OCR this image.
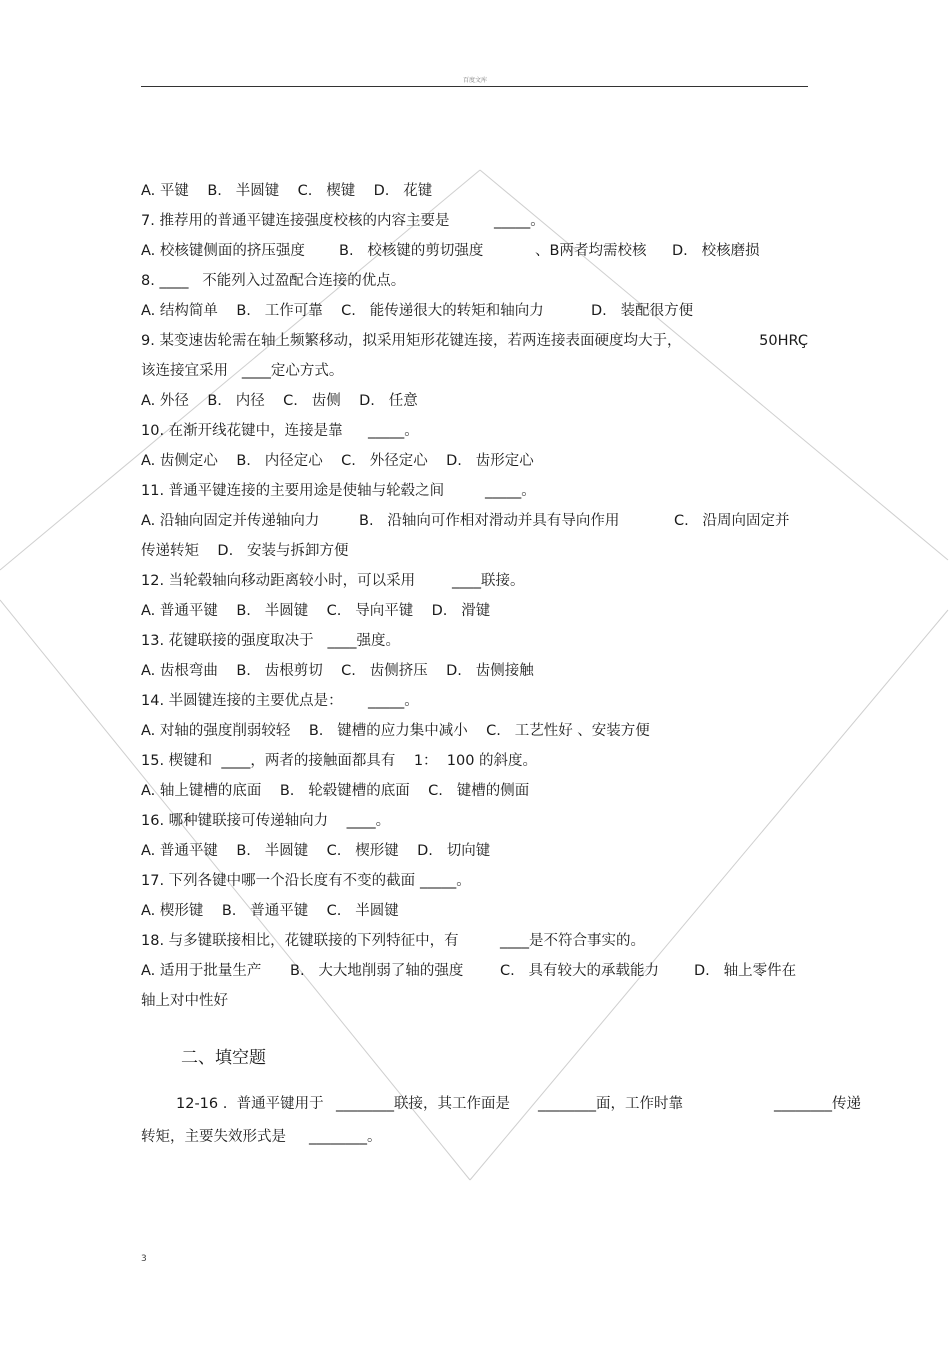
百度文库
A. 平键    B.   半圆键    C.   楔键    D.   花键
7. 推荐用的普通平键连接强度校核的内容主要是	_____。
A. 校核键侧面的挤压强度 B.   校核键的剪切强度	、B两者均需校核 D.   校核磨损
8. ____   不能列入过盈配合连接的优点。
A. 结构简单    B.   工作可靠    C.   能传递很大的转矩和轴向力	D.   装配很方便
9. 某变速齿轮需在轴上频繁移动，拟采用矩形花键连接，若两连接表面硬度均大于，	50HRÇ
该连接宜采用   ____定心方式。
A. 外径    B.   内径    C.   齿侧    D.   任意
10. 在渐开线花键中，连接是靠 _____。
A. 齿侧定心    B.   内径定心    C.   外径定心    D.   齿形定心
11. 普通平键连接的主要用途是使轴与轮毂之间	_____。
A. 沿轴向固定并传递轴向力	B.   沿轴向可作相对滑动并具有导向作用	C.   沿周向固定并
传递转矩    D.   安装与拆卸方便
12. 当轮毂轴向移动距离较小时，可以采用	____联接。
A. 普通平键    B.   半圆键    C.   导向平键    D.   滑键
13. 花键联接的强度取决于   ____强度。
A. 齿根弯曲    B.   齿根剪切    C.   齿侧挤压    D.   齿侧接触
14. 半圆键连接的主要优点是： _____。
A. 对轴的强度削弱较轻    B.   键槽的应力集中减小    C.   工艺性好 、安装方便
15. 楔键和  ____，两者的接触面都具有    1：  100 的斜度。
A. 轴上键槽的底面    B.   轮毂键槽的底面    C.   键槽的侧面
16. 哪种键联接可传递轴向力    ____。
A. 普通平键    B.   半圆键    C.   楔形键    D.   切向键
17. 下列各键中哪一个沿长度有不变的截面 _____。
A. 楔形键    B.   普通平键    C.   半圆键
18. 与多键联接相比，花键联接的下列特征中，有	____是不符合事实的。
A. 适用于批量生产 B.   大大地削弱了轴的强度	C.   具有较大的承载能力 D.   轴上零件在
轴上对中性好
二、填空题
12-16 .  普通平键用于 ________联接，其工作面是 ________面，工作时靠	________传递
转矩，主要失效形式是 ________。
3
